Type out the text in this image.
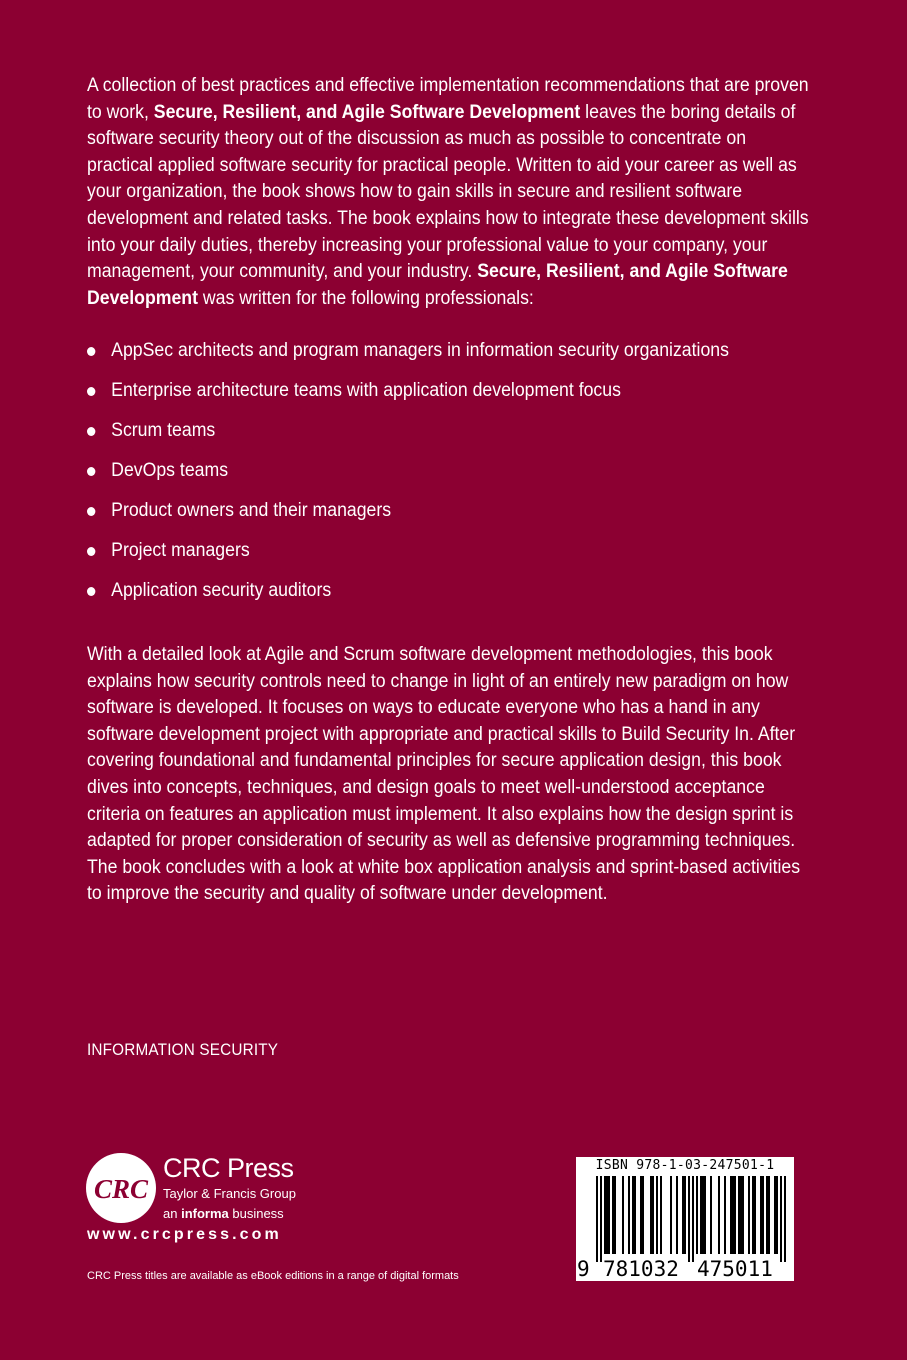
A collection of best practices and effective implementation recommendations that are proven to work, Secure, Resilient, and Agile Software Development leaves the boring details of software security theory out of the discussion as much as possible to concentrate on practical applied software security for practical people. Written to aid your career as well as your organization, the book shows how to gain skills in secure and resilient software development and related tasks. The book explains how to integrate these development skills into your daily duties, thereby increasing your professional value to your company, your management, your community, and your industry. Secure, Resilient, and Agile Software Development was written for the following professionals:

AppSec architects and program managers in information security organizations
Enterprise architecture teams with application development focus
Scrum teams
DevOps teams
Product owners and their managers
Project managers
Application security auditors

With a detailed look at Agile and Scrum software development methodologies, this book explains how security controls need to change in light of an entirely new paradigm on how software is developed. It focuses on ways to educate everyone who has a hand in any software development project with appropriate and practical skills to Build Security In. After covering foundational and fundamental principles for secure application design, this book dives into concepts, techniques, and design goals to meet well-understood acceptance criteria on features an application must implement. It also explains how the design sprint is adapted for proper consideration of security as well as defensive programming techniques. The book concludes with a look at white box application analysis and sprint-based activities to improve the security and quality of software under development.

INFORMATION SECURITY
CRC
CRC Press
Taylor & Francis Group
an informa business
www.crcpress.com
CRC Press titles are available as eBook editions in a range of digital formats
ISBN 978-1-03-247501-1
9 781032 475011
